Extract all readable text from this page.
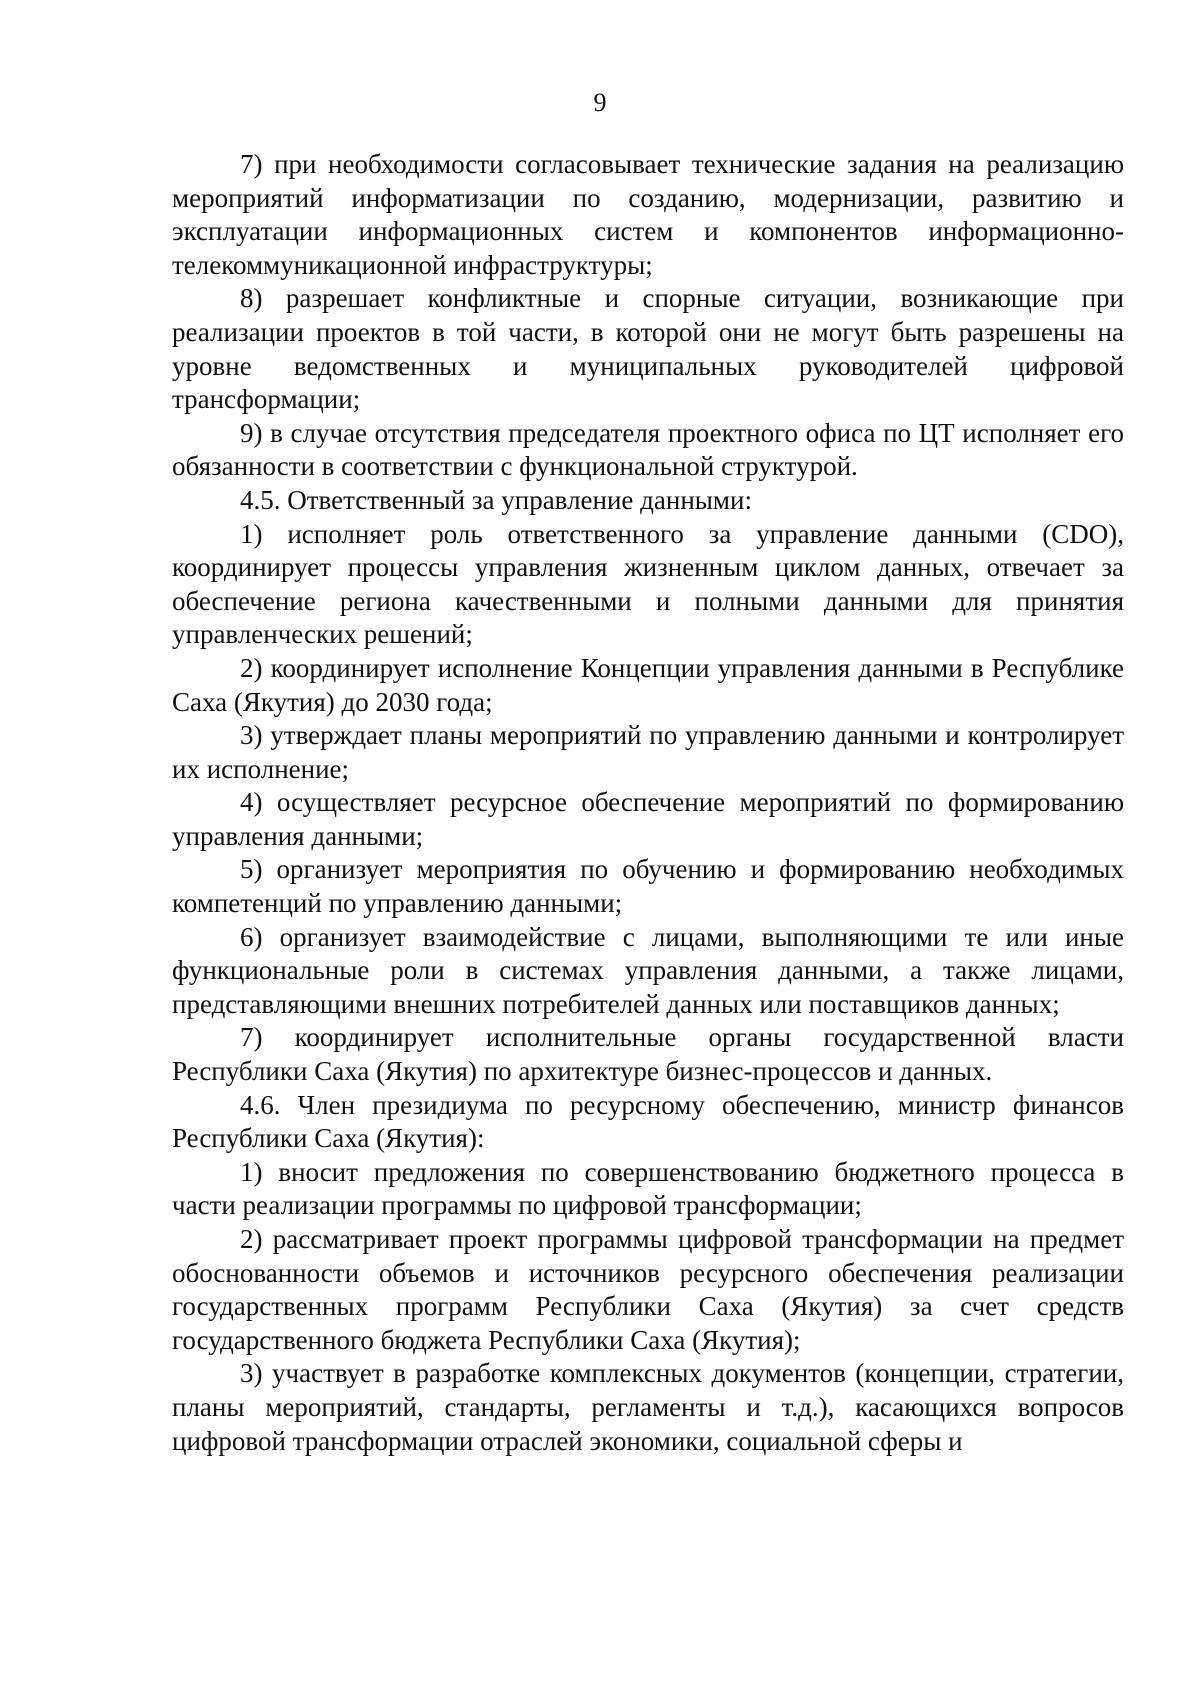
9

7) при необходимости согласовывает технические задания на реализацию мероприятий информатизации по созданию, модернизации, развитию и эксплуатации информационных систем и компонентов информационно-телекоммуникационной инфраструктуры;

8) разрешает конфликтные и спорные ситуации, возникающие при реализации проектов в той части, в которой они не могут быть разрешены на уровне ведомственных и муниципальных руководителей цифровой трансформации;

9) в случае отсутствия председателя проектного офиса по ЦТ исполняет его обязанности в соответствии с функциональной структурой.

4.5. Ответственный за управление данными:

1) исполняет роль ответственного за управление данными (CDO), координирует процессы управления жизненным циклом данных, отвечает за обеспечение региона качественными и полными данными для принятия управленческих решений;

2) координирует исполнение Концепции управления данными в Республике Саха (Якутия) до 2030 года;

3) утверждает планы мероприятий по управлению данными и контролирует их исполнение;

4) осуществляет ресурсное обеспечение мероприятий по формированию управления данными;

5) организует мероприятия по обучению и формированию необходимых компетенций по управлению данными;

6) организует взаимодействие с лицами, выполняющими те или иные функциональные роли в системах управления данными, а также лицами, представляющими внешних потребителей данных или поставщиков данных;

7) координирует исполнительные органы государственной власти Республики Саха (Якутия) по архитектуре бизнес-процессов и данных.

4.6. Член президиума по ресурсному обеспечению, министр финансов Республики Саха (Якутия):

1) вносит предложения по совершенствованию бюджетного процесса в части реализации программы по цифровой трансформации;

2) рассматривает проект программы цифровой трансформации на предмет обоснованности объемов и источников ресурсного обеспечения реализации государственных программ Республики Саха (Якутия) за счет средств государственного бюджета Республики Саха (Якутия);

3) участвует в разработке комплексных документов (концепции, стратегии, планы мероприятий, стандарты, регламенты и т.д.), касающихся вопросов цифровой трансформации отраслей экономики, социальной сферы и
